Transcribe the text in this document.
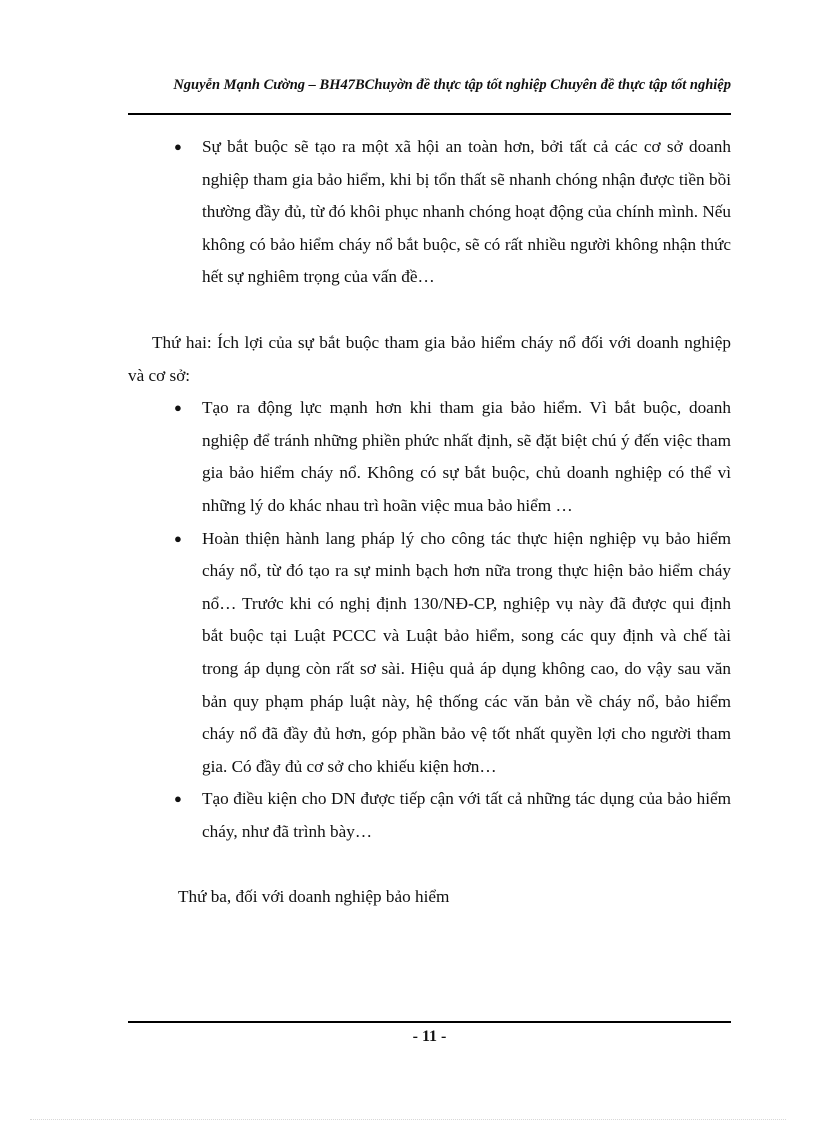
Nguyễn Mạnh Cường – BH47BChuyờn đề thực tập tốt nghiệp Chuyên đề thực tập tốt nghiệp
● Sự bắt buộc sẽ tạo ra một xã hội an toàn hơn, bởi tất cả các cơ sở doanh nghiệp tham gia bảo hiểm, khi bị tổn thất sẽ nhanh chóng nhận được tiền bồi thường đầy đủ, từ đó khôi phục nhanh chóng hoạt động của chính mình. Nếu không có bảo hiểm cháy nổ bắt buộc, sẽ có rất nhiều người không nhận thức hết sự nghiêm trọng của vấn đề…

Thứ hai: Ích lợi của sự bắt buộc tham gia bảo hiểm cháy nổ đối với doanh nghiệp và cơ sở:

● Tạo ra động lực mạnh hơn khi tham gia bảo hiểm. Vì bắt buộc, doanh nghiệp để tránh những phiền phức nhất định, sẽ đặt biệt chú ý đến việc tham gia bảo hiểm cháy nổ. Không có sự bắt buộc, chủ doanh nghiệp có thể vì những lý do khác nhau trì hoãn việc mua bảo hiểm …
● Hoàn thiện hành lang pháp lý cho công tác thực hiện nghiệp vụ bảo hiểm cháy nổ, từ đó tạo ra sự minh bạch hơn nữa trong thực hiện bảo hiểm cháy nổ… Trước khi có nghị định 130/NĐ-CP, nghiệp vụ này đã được qui định bắt buộc tại Luật PCCC và Luật bảo hiểm, song các quy định và chế tài trong áp dụng còn rất sơ sài. Hiệu quả áp dụng không cao, do vậy sau văn bản quy phạm pháp luật này, hệ thống các văn bản về cháy nổ, bảo hiểm cháy nổ đã đầy đủ hơn, góp phần bảo vệ tốt nhất quyền lợi cho người tham gia. Có đầy đủ cơ sở cho khiếu kiện hơn…
● Tạo điều kiện cho DN được tiếp cận với tất cả những tác dụng của bảo hiểm cháy, như đã trình bày…

Thứ ba, đối với doanh nghiệp bảo hiểm

- 11 -
